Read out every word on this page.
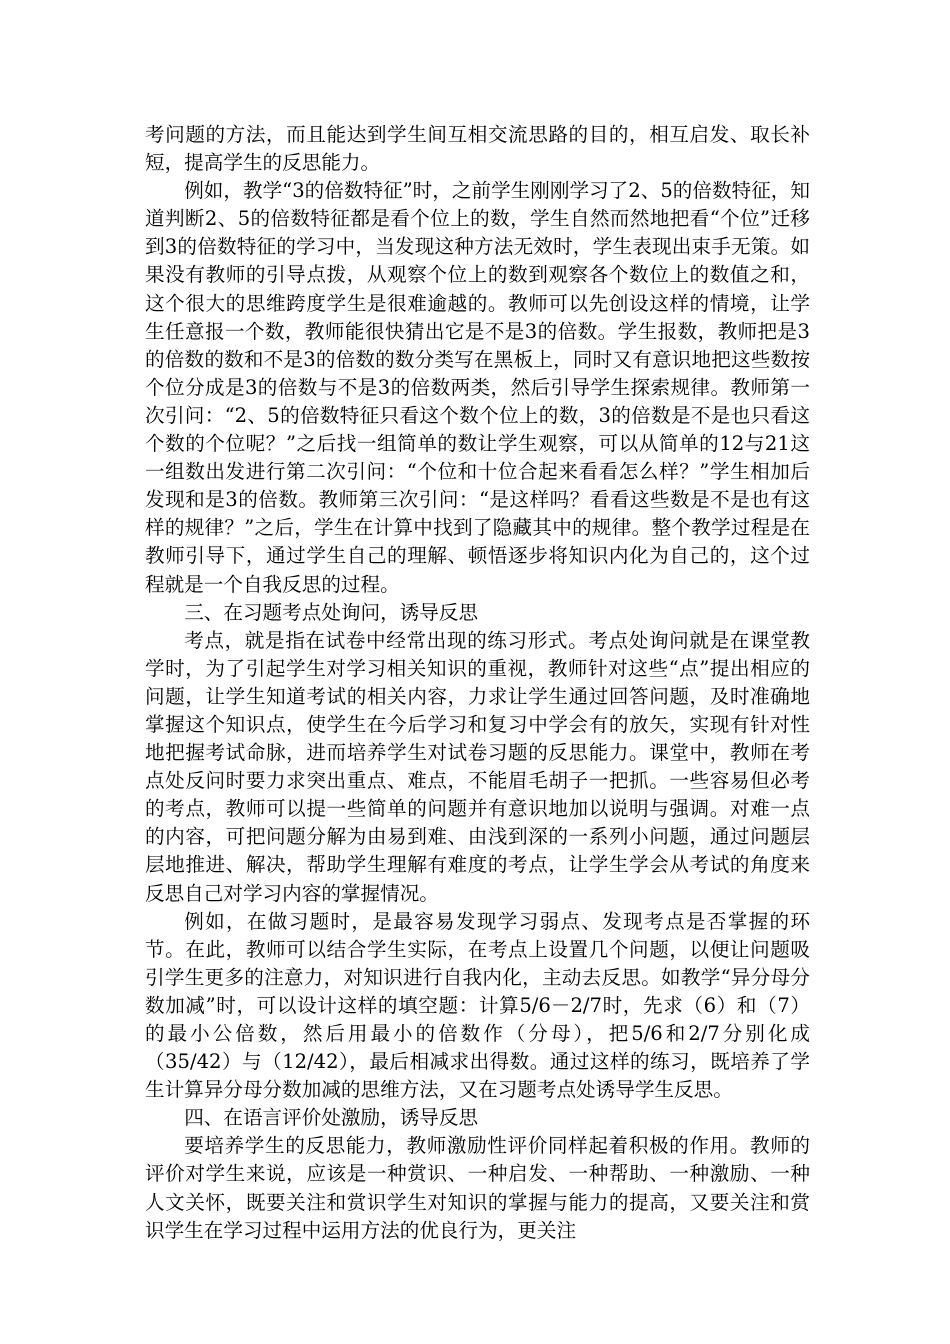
考问题的方法，而且能达到学生间互相交流思路的目的，相互启发、取长补短，提高学生的反思能力。

例如，教学“3的倍数特征”时，之前学生刚刚学习了2、5的倍数特征，知道判断2、5的倍数特征都是看个位上的数，学生自然而然地把看“个位”迁移到3的倍数特征的学习中，当发现这种方法无效时，学生表现出束手无策。如果没有教师的引导点拨，从观察个位上的数到观察各个数位上的数值之和，这个很大的思维跨度学生是很难逾越的。教师可以先创设这样的情境，让学生任意报一个数，教师能很快猜出它是不是3的倍数。学生报数，教师把是3的倍数的数和不是3的倍数的数分类写在黑板上，同时又有意识地把这些数按个位分成是3的倍数与不是3的倍数两类，然后引导学生探索规律。教师第一次引问：“2、5的倍数特征只看这个数个位上的数，3的倍数是不是也只看这个数的个位呢？”之后找一组简单的数让学生观察，可以从简单的12与21这一组数出发进行第二次引问：“个位和十位合起来看看怎么样？”学生相加后发现和是3的倍数。教师第三次引问：“是这样吗？看看这些数是不是也有这样的规律？”之后，学生在计算中找到了隐藏其中的规律。整个教学过程是在教师引导下，通过学生自己的理解、顿悟逐步将知识内化为自己的，这个过程就是一个自我反思的过程。

三、在习题考点处询问，诱导反思

考点，就是指在试卷中经常出现的练习形式。考点处询问就是在课堂教学时，为了引起学生对学习相关知识的重视，教师针对这些“点”提出相应的问题，让学生知道考试的相关内容，力求让学生通过回答问题，及时准确地掌握这个知识点，使学生在今后学习和复习中学会有的放矢，实现有针对性地把握考试命脉，进而培养学生对试卷习题的反思能力。课堂中，教师在考点处反问时要力求突出重点、难点，不能眉毛胡子一把抓。一些容易但必考的考点，教师可以提一些简单的问题并有意识地加以说明与强调。对难一点的内容，可把问题分解为由易到难、由浅到深的一系列小问题，通过问题层层地推进、解决，帮助学生理解有难度的考点，让学生学会从考试的角度来反思自己对学习内容的掌握情况。

例如，在做习题时，是最容易发现学习弱点、发现考点是否掌握的环节。在此，教师可以结合学生实际，在考点上设置几个问题，以便让问题吸引学生更多的注意力，对知识进行自我内化，主动去反思。如教学“异分母分数加减”时，可以设计这样的填空题：计算5/6－2/7时，先求（6）和（7）的最小公倍数，然后用最小的倍数作（分母），把5/6和2/7分别化成（35/42）与（12/42），最后相减求出得数。通过这样的练习，既培养了学生计算异分母分数加减的思维方法，又在习题考点处诱导学生反思。

四、在语言评价处激励，诱导反思

要培养学生的反思能力，教师激励性评价同样起着积极的作用。教师的评价对学生来说，应该是一种赏识、一种启发、一种帮助、一种激励、一种人文关怀，既要关注和赏识学生对知识的掌握与能力的提高，又要关注和赏识学生在学习过程中运用方法的优良行为，更关注
